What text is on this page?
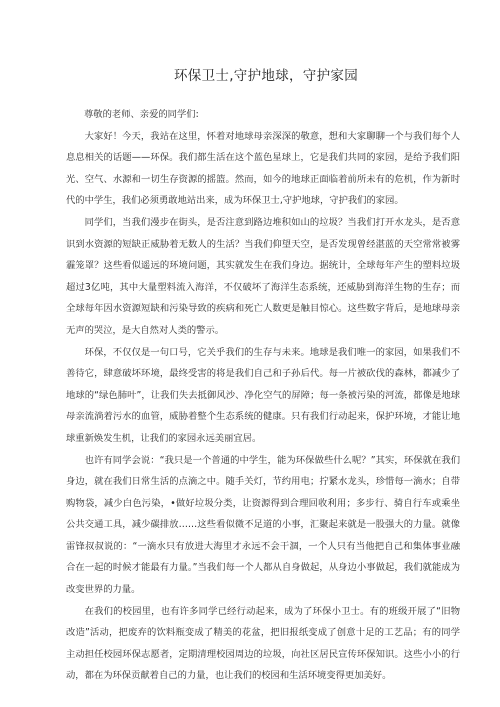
环保卫士,守护地球，守护家园

尊敬的老师、亲爱的同学们:

大家好！今天，我站在这里，怀着对地球母亲深深的敬意，想和大家聊聊一个与我们每个人息息相关的话题——环保。我们都生活在这个蓝色星球上，它是我们共同的家园，是给予我们阳光、空气、水源和一切生存资源的摇篮。然而，如今的地球正面临着前所未有的危机，作为新时代的中学生，我们必须勇敢地站出来，成为环保卫士,守护地球，守护我们的家园。

同学们，当我们漫步在街头，是否注意到路边堆积如山的垃圾？当我们打开水龙头，是否意识到水资源的短缺正威胁着无数人的生活？当我们仰望天空，是否发现曾经湛蓝的天空常常被雾霾笼罩？这些看似遥远的环境问题，其实就发生在我们身边。据统计，全球每年产生的塑料垃圾超过3亿吨，其中大量塑料流入海洋，不仅破坏了海洋生态系统，还威胁到海洋生物的生存；而全球每年因水资源短缺和污染导致的疾病和死亡人数更是触目惊心。这些数字背后，是地球母亲无声的哭泣，是大自然对人类的警示。

环保，不仅仅是一句口号，它关乎我们的生存与未来。地球是我们唯一的家园，如果我们不善待它，肆意破坏环境，最终受害的将是我们自己和子孙后代。每一片被砍伐的森林，都减少了地球的“绿色肺叶”，让我们失去抵御风沙、净化空气的屏障；每一条被污染的河流，都像是地球母亲流淌着污水的血管，威胁着整个生态系统的健康。只有我们行动起来，保护环境，才能让地球重新焕发生机，让我们的家园永远美丽宜居。

也许有同学会说：“我只是一个普通的中学生，能为环保做些什么呢？”其实，环保就在我们身边，就在我们日常生活的点滴之中。随手关灯，节约用电；拧紧水龙头，珍惜每一滴水；自带购物袋，减少白色污染，•做好垃圾分类，让资源得到合理回收利用；多步行、骑自行车或乘坐公共交通工具，减少碳排放……这些看似微不足道的小事，汇聚起来就是一股强大的力量。就像雷锋叔叔说的：“一滴水只有放进大海里才永远不会干涸，一个人只有当他把自己和集体事业融合在一起的时候才能最有力量。”当我们每一个人都从自身做起，从身边小事做起，我们就能成为改变世界的力量。

在我们的校园里，也有许多同学已经行动起来，成为了环保小卫士。有的班级开展了“旧物改造”活动，把废弃的饮料瓶变成了精美的花盆，把旧报纸变成了创意十足的工艺品；有的同学主动担任校园环保志愿者，定期清理校园周边的垃圾，向社区居民宣传环保知识。这些小小的行动，都在为环保贡献着自己的力量，也让我们的校园和生活环境变得更加美好。
